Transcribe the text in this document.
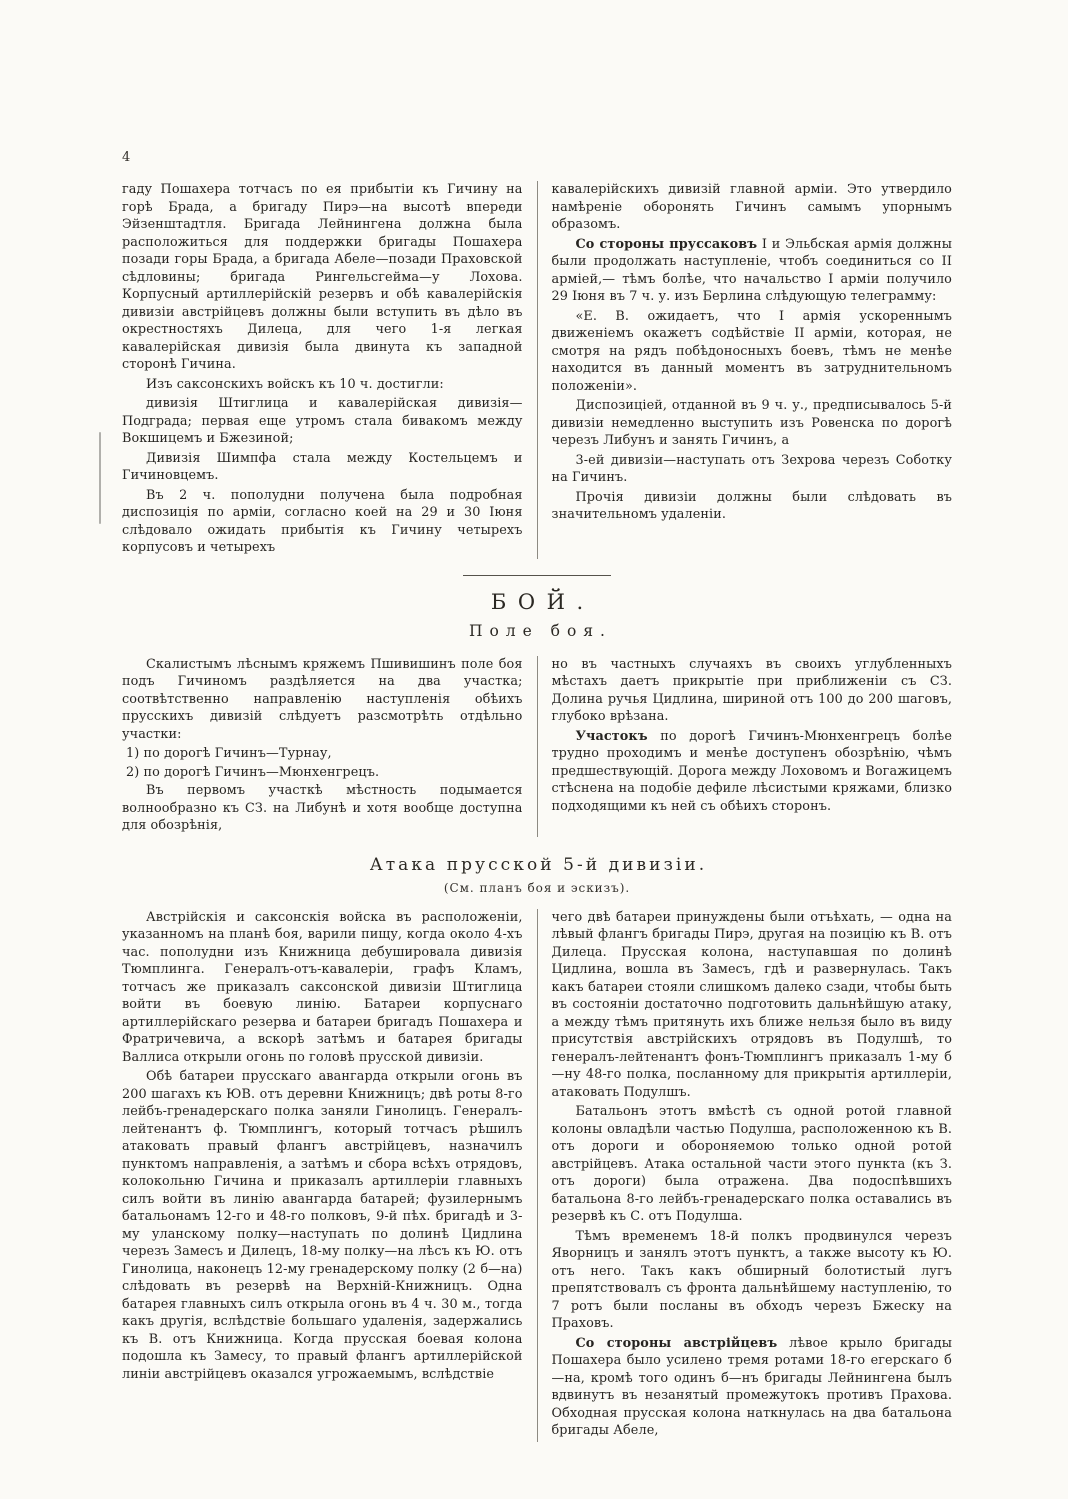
4

гаду Пошахера тотчасъ по ея прибытіи къ Гичину на горѣ Брада, а бригаду Пирэ—на высотѣ впереди Эйзенштадтля. Бригада Лейнингена должна была расположиться для поддержки бригады Пошахера позади горы Брада, а бригада Абеле—позади Праховской сѣдловины; бригада Рингельсгейма—у Лохова. Корпусный артиллерійскій резервъ и обѣ кавалерійскія дивизіи австрійцевъ должны были вступить въ дѣло въ окрестностяхъ Дилеца, для чего 1-я легкая кавалерійская дивизія была двинута къ западной сторонѣ Гичина.

Изъ саксонскихъ войскъ къ 10 ч. достигли:

дивизія Штиглица и кавалерійская дивизія—Подграда; первая еще утромъ стала бивакомъ между Вокшицемъ и Бжезиной;

Дивизія Шимпфа стала между Костельцемъ и Гичиновцемъ.

Въ 2 ч. пополудни получена была подробная диспозиція по арміи, согласно коей на 29 и 30 Іюня слѣдовало ожидать прибытія къ Гичину четырехъ корпусовъ и четырехъ

кавалерійскихъ дивизій главной арміи. Это утвердило намѣреніе оборонять Гичинъ самымъ упорнымъ образомъ.

Со стороны пруссаковъ I и Эльбская армія должны были продолжать наступленіе, чтобъ соединиться со II арміей,— тѣмъ болѣе, что начальство I арміи получило 29 Іюня въ 7 ч. у. изъ Берлина слѣдующую телеграмму:

«Е. В. ожидаетъ, что I армія ускореннымъ движеніемъ окажетъ содѣйствіе II арміи, которая, не смотря на рядъ побѣдоносныхъ боевъ, тѣмъ не менѣе находится въ данный моментъ въ затруднительномъ положеніи».

Диспозиціей, отданной въ 9 ч. у., предписывалось 5-й дивизіи немедленно выступить изъ Ровенска по дорогѣ черезъ Либунъ и занять Гичинъ, а

3-ей дивизіи—наступать отъ Зехрова черезъ Соботку на Гичинъ.

Прочія дивизіи должны были слѣдовать въ значительномъ удаленіи.

БОЙ.
Поле боя.

Скалистымъ лѣснымъ кряжемъ Пшивишинъ поле боя подъ Гичиномъ раздѣляется на два участка; соотвѣтственно направленію наступленія обѣихъ прусскихъ дивизій слѣдуетъ разсмотрѣть отдѣльно участки:

1) по дорогѣ Гичинъ—Турнау,

2) по дорогѣ Гичинъ—Мюнхенгрецъ.

Въ первомъ участкѣ мѣстность подымается волнообразно къ СЗ. на Либунѣ и хотя вообще доступна для обозрѣнія,

но въ частныхъ случаяхъ въ своихъ углубленныхъ мѣстахъ даетъ прикрытіе при приближеніи съ СЗ. Долина ручья Цидлина, шириной отъ 100 до 200 шаговъ, глубоко врѣзана.

Участокъ по дорогѣ Гичинъ-Мюнхенгрецъ болѣе трудно проходимъ и менѣе доступенъ обозрѣнію, чѣмъ предшествующій. Дорога между Лоховомъ и Вогажицемъ стѣснена на подобіе дефиле лѣсистыми кряжами, близко подходящими къ ней съ обѣихъ сторонъ.

Атака прусской 5-й дивизіи.
(См. планъ боя и эскизъ).

Австрійскія и саксонскія войска въ расположеніи, указанномъ на планѣ боя, варили пищу, когда около 4-хъ час. пополудни изъ Книжница дебушировала дивизія Тюмплинга. Генералъ-отъ-кавалеріи, графъ Кламъ, тотчасъ же приказалъ саксонской дивизіи Штиглица войти въ боевую линію. Батареи корпуснаго артиллерійскаго резерва и батареи бригадъ Пошахера и Фратричевича, а вскорѣ затѣмъ и батарея бригады Валлиса открыли огонь по головѣ прусской дивизіи.

Обѣ батареи прусскаго авангарда открыли огонь въ 200 шагахъ къ ЮВ. отъ деревни Книжницъ; двѣ роты 8-го лейбъ-гренадерскаго полка заняли Гинолицъ. Генералъ-лейтенантъ ф. Тюмплингъ, который тотчасъ рѣшилъ атаковать правый флангъ австрійцевъ, назначилъ пунктомъ направленія, а затѣмъ и сбора всѣхъ отрядовъ, колокольню Гичина и приказалъ артиллеріи главныхъ силъ войти въ линію авангарда батарей; фузилернымъ батальонамъ 12-го и 48-го полковъ, 9-й пѣх. бригадѣ и 3-му уланскому полку—наступать по долинѣ Цидлина черезъ Замесъ и Дилецъ, 18-му полку—на лѣсъ къ Ю. отъ Гинолица, наконецъ 12-му гренадерскому полку (2 б—на) слѣдовать въ резервѣ на Верхній-Книжницъ. Одна батарея главныхъ силъ открыла огонь въ 4 ч. 30 м., тогда какъ другія, вслѣдствіе большаго удаленія, задержались къ В. отъ Книжница. Когда прусская боевая колона подошла къ Замесу, то правый флангъ артиллерійской линіи австрійцевъ оказался угрожаемымъ, вслѣдствіе

чего двѣ батареи принуждены были отъѣхать, — одна на лѣвый флангъ бригады Пирэ, другая на позицію къ В. отъ Дилеца. Прусская колона, наступавшая по долинѣ Цидлина, вошла въ Замесъ, гдѣ и развернулась. Такъ какъ батареи стояли слишкомъ далеко сзади, чтобы быть въ состояніи достаточно подготовить дальнѣйшую атаку, а между тѣмъ притянуть ихъ ближе нельзя было въ виду присутствія австрійскихъ отрядовъ въ Подулшѣ, то генералъ-лейтенантъ фонъ-Тюмплингъ приказалъ 1-му б—ну 48-го полка, посланному для прикрытія артиллеріи, атаковать Подулшъ.

Батальонъ этотъ вмѣстѣ съ одной ротой главной колоны овладѣли частью Подулша, расположенною къ В. отъ дороги и обороняемою только одной ротой австрійцевъ. Атака остальной части этого пункта (къ З. отъ дороги) была отражена. Два подоспѣвшихъ батальона 8-го лейбъ-гренадерскаго полка оставались въ резервѣ къ С. отъ Подулша.

Тѣмъ временемъ 18-й полкъ продвинулся черезъ Яворницъ и занялъ этотъ пунктъ, а также высоту къ Ю. отъ него. Такъ какъ обширный болотистый лугъ препятствовалъ съ фронта дальнѣйшему наступленію, то 7 ротъ были посланы въ обходъ черезъ Бжеску на Праховъ.

Со стороны австрійцевъ лѣвое крыло бригады Пошахера было усилено тремя ротами 18-го егерскаго б—на, кромѣ того одинъ б—нъ бригады Лейнингена былъ вдвинутъ въ незанятый промежутокъ противъ Прахова. Обходная прусская колона наткнулась на два батальона бригады Абеле,
